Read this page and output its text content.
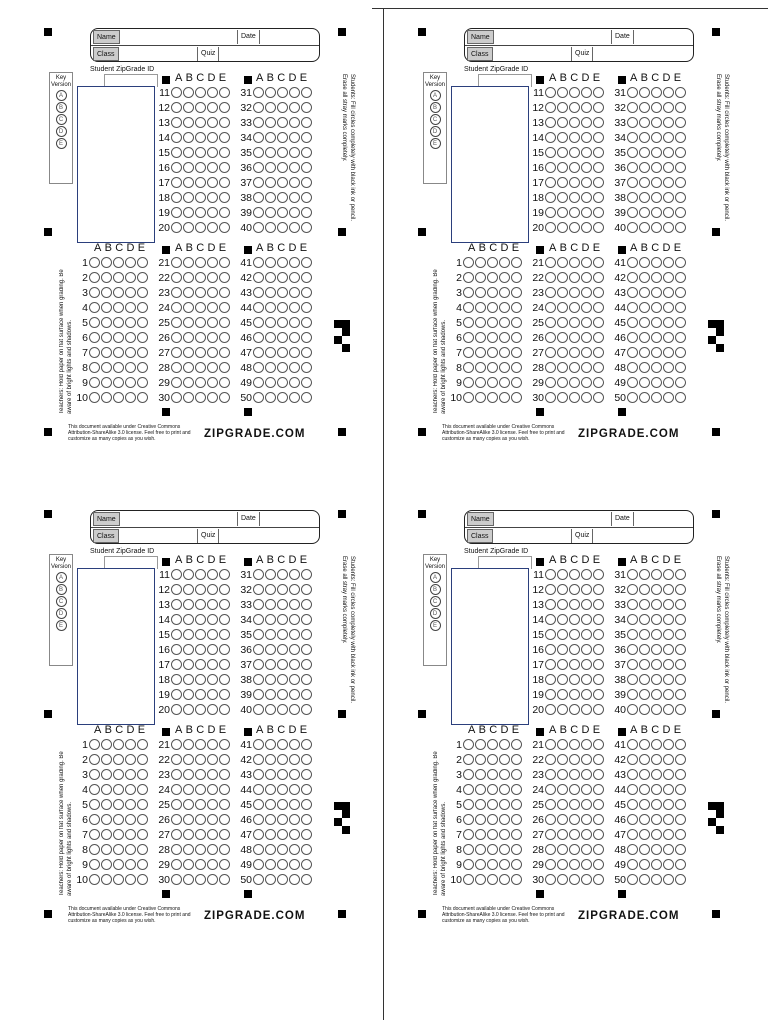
Name	Date
Class	Quiz
Key Version
A
B
C
D
E
Student ZipGrade ID
ABCDE ABCDE
ABCDE ABCDE ABCDE
11
12
13
14
15
16
17
18
19
20
31
32
33
34
35
36
37
38
39
40
1
2
3
4
5
6
7
8
9
10
21
22
23
24
25
26
27
28
29
30
41
42
43
44
45
46
47
48
49
50
Students: Fill circles completely with black ink or pencil. Erase all stray marks completely.
Teachers: Hold paper on flat surface when grading. Be aware of bright lights and shadows.
This document available under Creative Commons Attribution-ShareAlike 3.0 license. Feel free to print and customize as many copies as you wish.	ZIPGRADE.COM
Name	Date
Class	Quiz
Key Version
A
B
C
D
E
Student ZipGrade ID
ABCDE ABCDE
ABCDE ABCDE ABCDE
11
12
13
14
15
16
17
18
19
20
31
32
33
34
35
36
37
38
39
40
1
2
3
4
5
6
7
8
9
10
21
22
23
24
25
26
27
28
29
30
41
42
43
44
45
46
47
48
49
50
Students: Fill circles completely with black ink or pencil. Erase all stray marks completely.
Teachers: Hold paper on flat surface when grading. Be aware of bright lights and shadows.
This document available under Creative Commons Attribution-ShareAlike 3.0 license. Feel free to print and customize as many copies as you wish.	ZIPGRADE.COM
Name	Date
Class	Quiz
Key Version
A
B
C
D
E
Student ZipGrade ID
ABCDE ABCDE
ABCDE ABCDE ABCDE
11
12
13
14
15
16
17
18
19
20
31
32
33
34
35
36
37
38
39
40
1
2
3
4
5
6
7
8
9
10
21
22
23
24
25
26
27
28
29
30
41
42
43
44
45
46
47
48
49
50
Students: Fill circles completely with black ink or pencil. Erase all stray marks completely.
Teachers: Hold paper on flat surface when grading. Be aware of bright lights and shadows.
This document available under Creative Commons Attribution-ShareAlike 3.0 license. Feel free to print and customize as many copies as you wish.	ZIPGRADE.COM
Name	Date
Class	Quiz
Key Version
A
B
C
D
E
Student ZipGrade ID
ABCDE ABCDE
ABCDE ABCDE ABCDE
11
12
13
14
15
16
17
18
19
20
31
32
33
34
35
36
37
38
39
40
1
2
3
4
5
6
7
8
9
10
21
22
23
24
25
26
27
28
29
30
41
42
43
44
45
46
47
48
49
50
Students: Fill circles completely with black ink or pencil. Erase all stray marks completely.
Teachers: Hold paper on flat surface when grading. Be aware of bright lights and shadows.
This document available under Creative Commons Attribution-ShareAlike 3.0 license. Feel free to print and customize as many copies as you wish.	ZIPGRADE.COM
